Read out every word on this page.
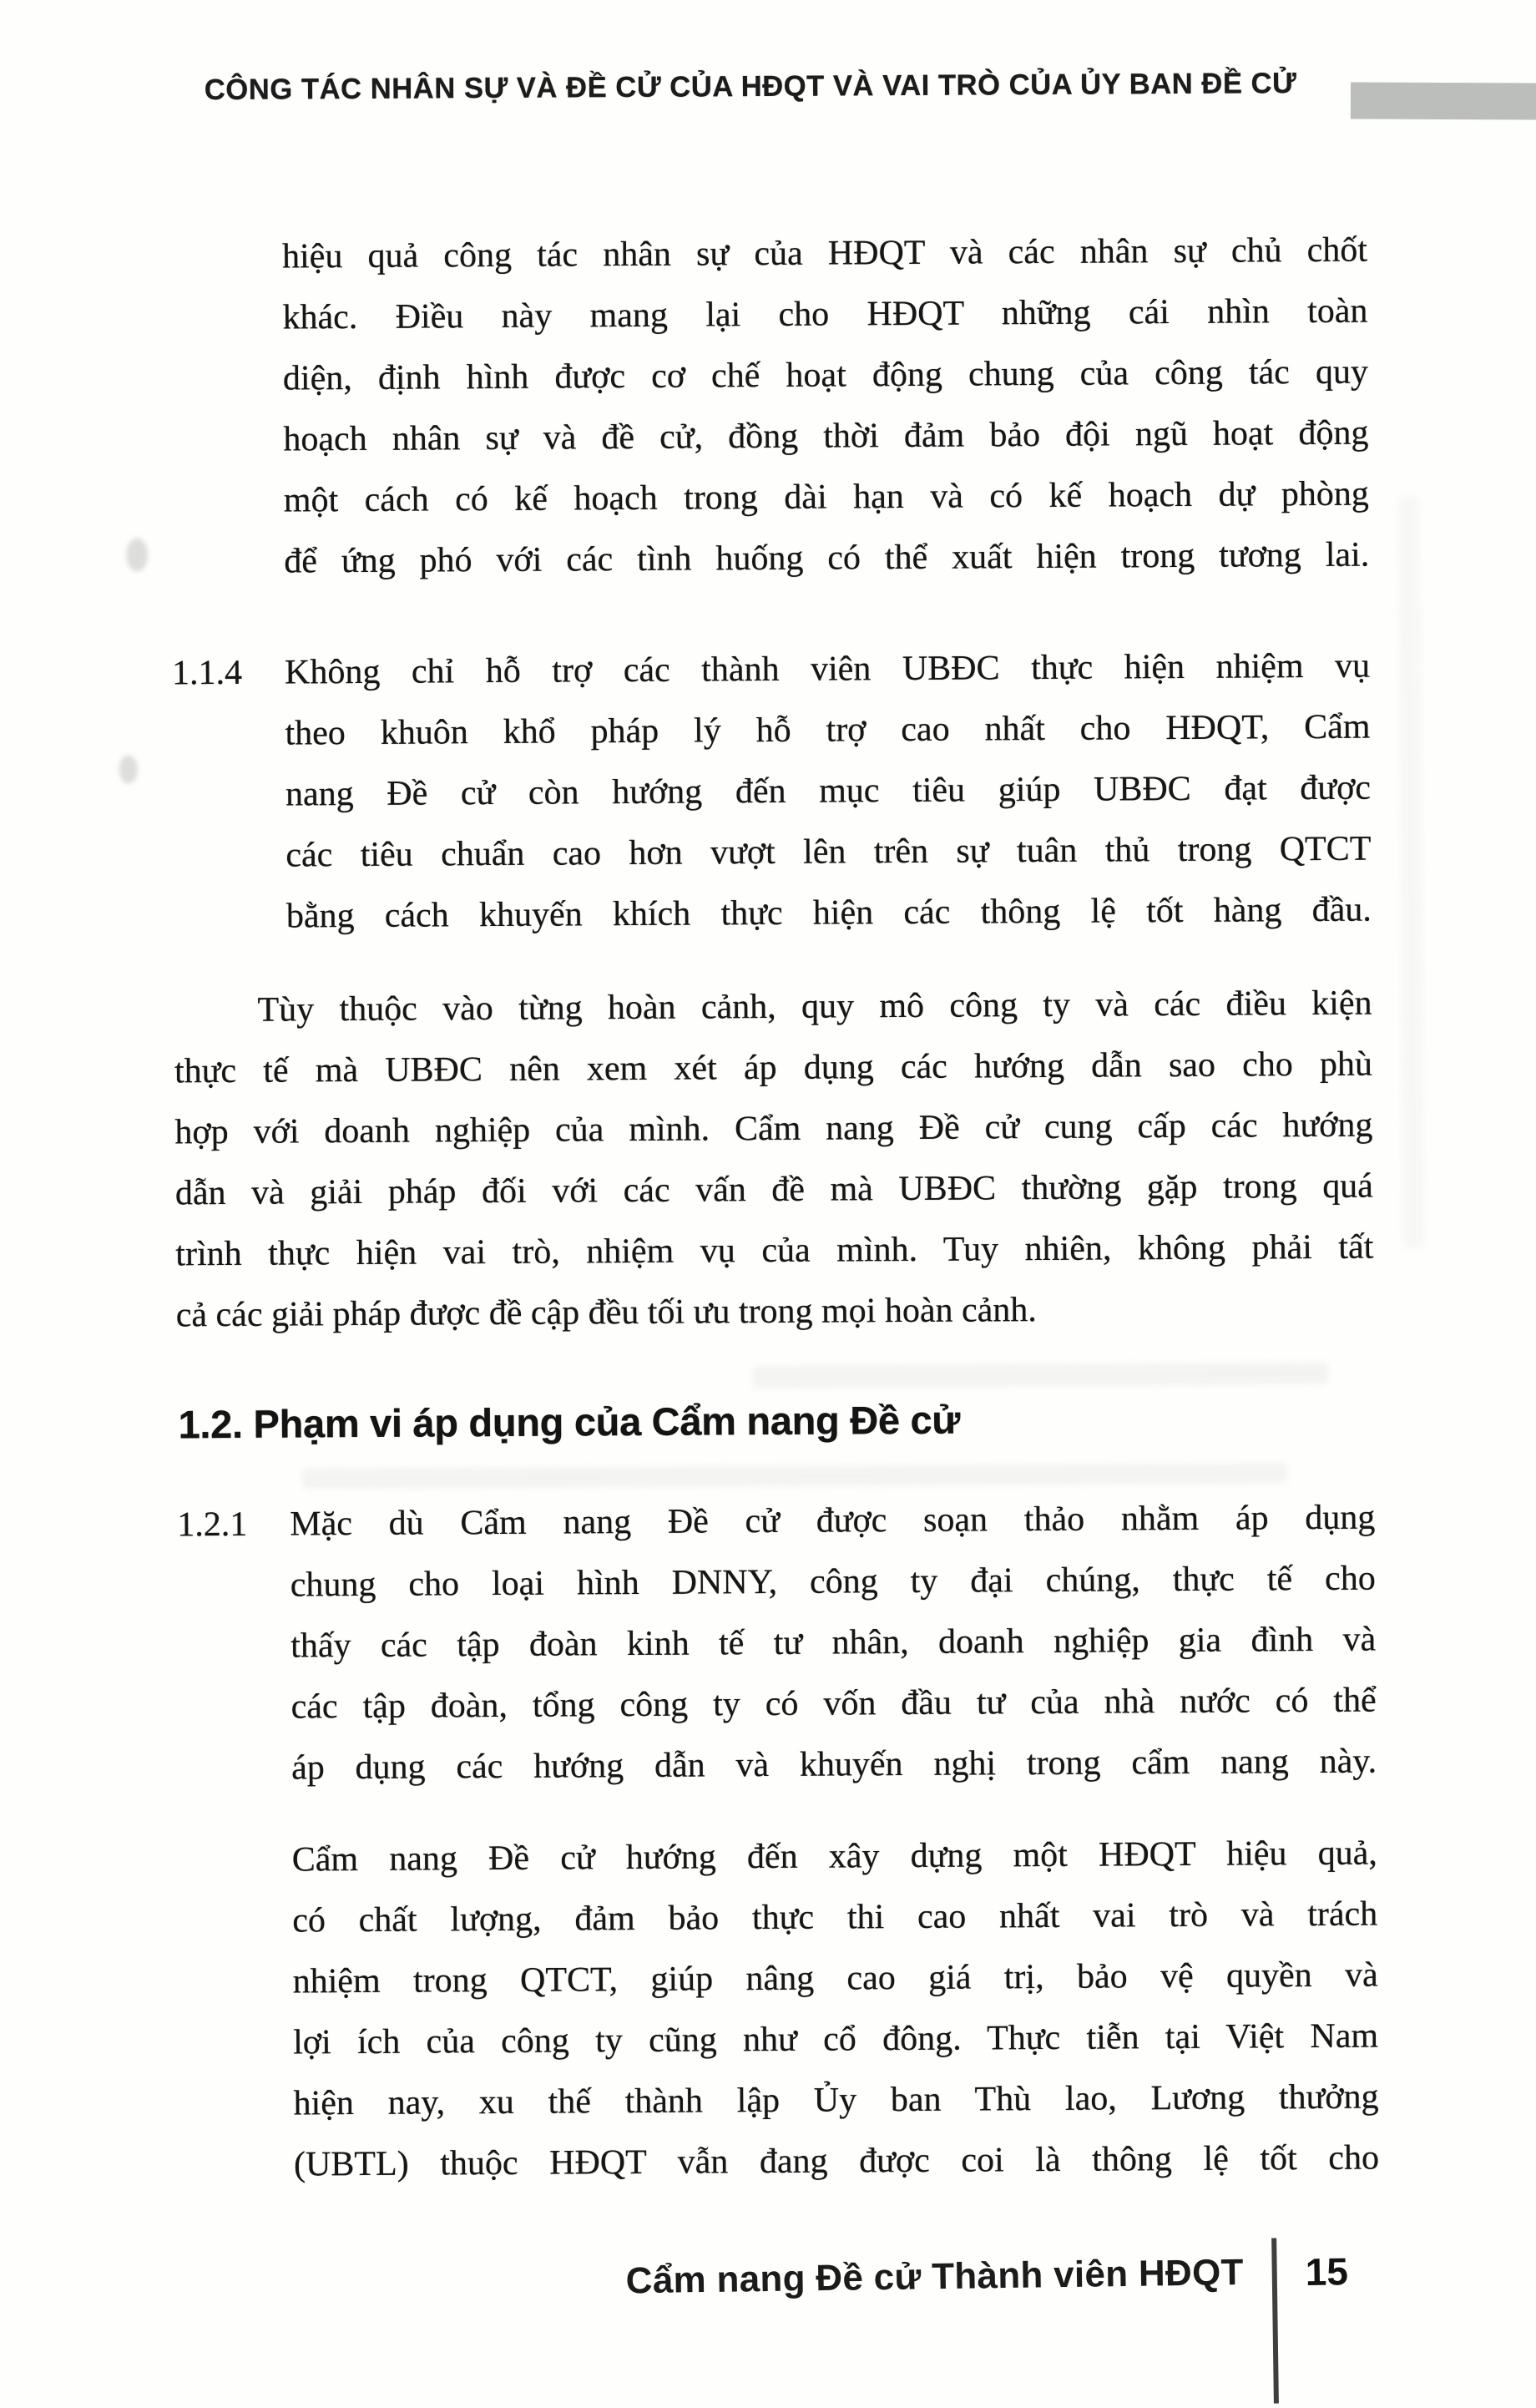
CÔNG TÁC NHÂN SỰ VÀ ĐỀ CỬ CỦA HĐQT VÀ VAI TRÒ CỦA ỦY BAN ĐỀ CỬ
hiệu quả công tác nhân sự của HĐQT và các nhân sự chủ chốt
khác. Điều này mang lại cho HĐQT những cái nhìn toàn
diện, định hình được cơ chế hoạt động chung của công tác quy
hoạch nhân sự và đề cử, đồng thời đảm bảo đội ngũ hoạt động
một cách có kế hoạch trong dài hạn và có kế hoạch dự phòng
để ứng phó với các tình huống có thể xuất hiện trong tương lai.
1.1.4	Không chỉ hỗ trợ các thành viên UBĐC thực hiện nhiệm vụ
theo khuôn khổ pháp lý hỗ trợ cao nhất cho HĐQT, Cẩm
nang Đề cử còn hướng đến mục tiêu giúp UBĐC đạt được
các tiêu chuẩn cao hơn vượt lên trên sự tuân thủ trong QTCT
bằng cách khuyến khích thực hiện các thông lệ tốt hàng đầu.
Tùy thuộc vào từng hoàn cảnh, quy mô công ty và các điều kiện
thực tế mà UBĐC nên xem xét áp dụng các hướng dẫn sao cho phù
hợp với doanh nghiệp của mình. Cẩm nang Đề cử cung cấp các hướng
dẫn và giải pháp đối với các vấn đề mà UBĐC thường gặp trong quá
trình thực hiện vai trò, nhiệm vụ của mình. Tuy nhiên, không phải tất
cả các giải pháp được đề cập đều tối ưu trong mọi hoàn cảnh.
1.2. Phạm vi áp dụng của Cẩm nang Đề cử
1.2.1	Mặc dù Cẩm nang Đề cử được soạn thảo nhằm áp dụng
chung cho loại hình DNNY, công ty đại chúng, thực tế cho
thấy các tập đoàn kinh tế tư nhân, doanh nghiệp gia đình và
các tập đoàn, tổng công ty có vốn đầu tư của nhà nước có thể
áp dụng các hướng dẫn và khuyến nghị trong cẩm nang này.
Cẩm nang Đề cử hướng đến xây dựng một HĐQT hiệu quả,
có chất lượng, đảm bảo thực thi cao nhất vai trò và trách
nhiệm trong QTCT, giúp nâng cao giá trị, bảo vệ quyền và
lợi ích của công ty cũng như cổ đông. Thực tiễn tại Việt Nam
hiện nay, xu thế thành lập Ủy ban Thù lao, Lương thưởng
(UBTL) thuộc HĐQT vẫn đang được coi là thông lệ tốt cho
Cẩm nang Đề cử Thành viên HĐQT 15
